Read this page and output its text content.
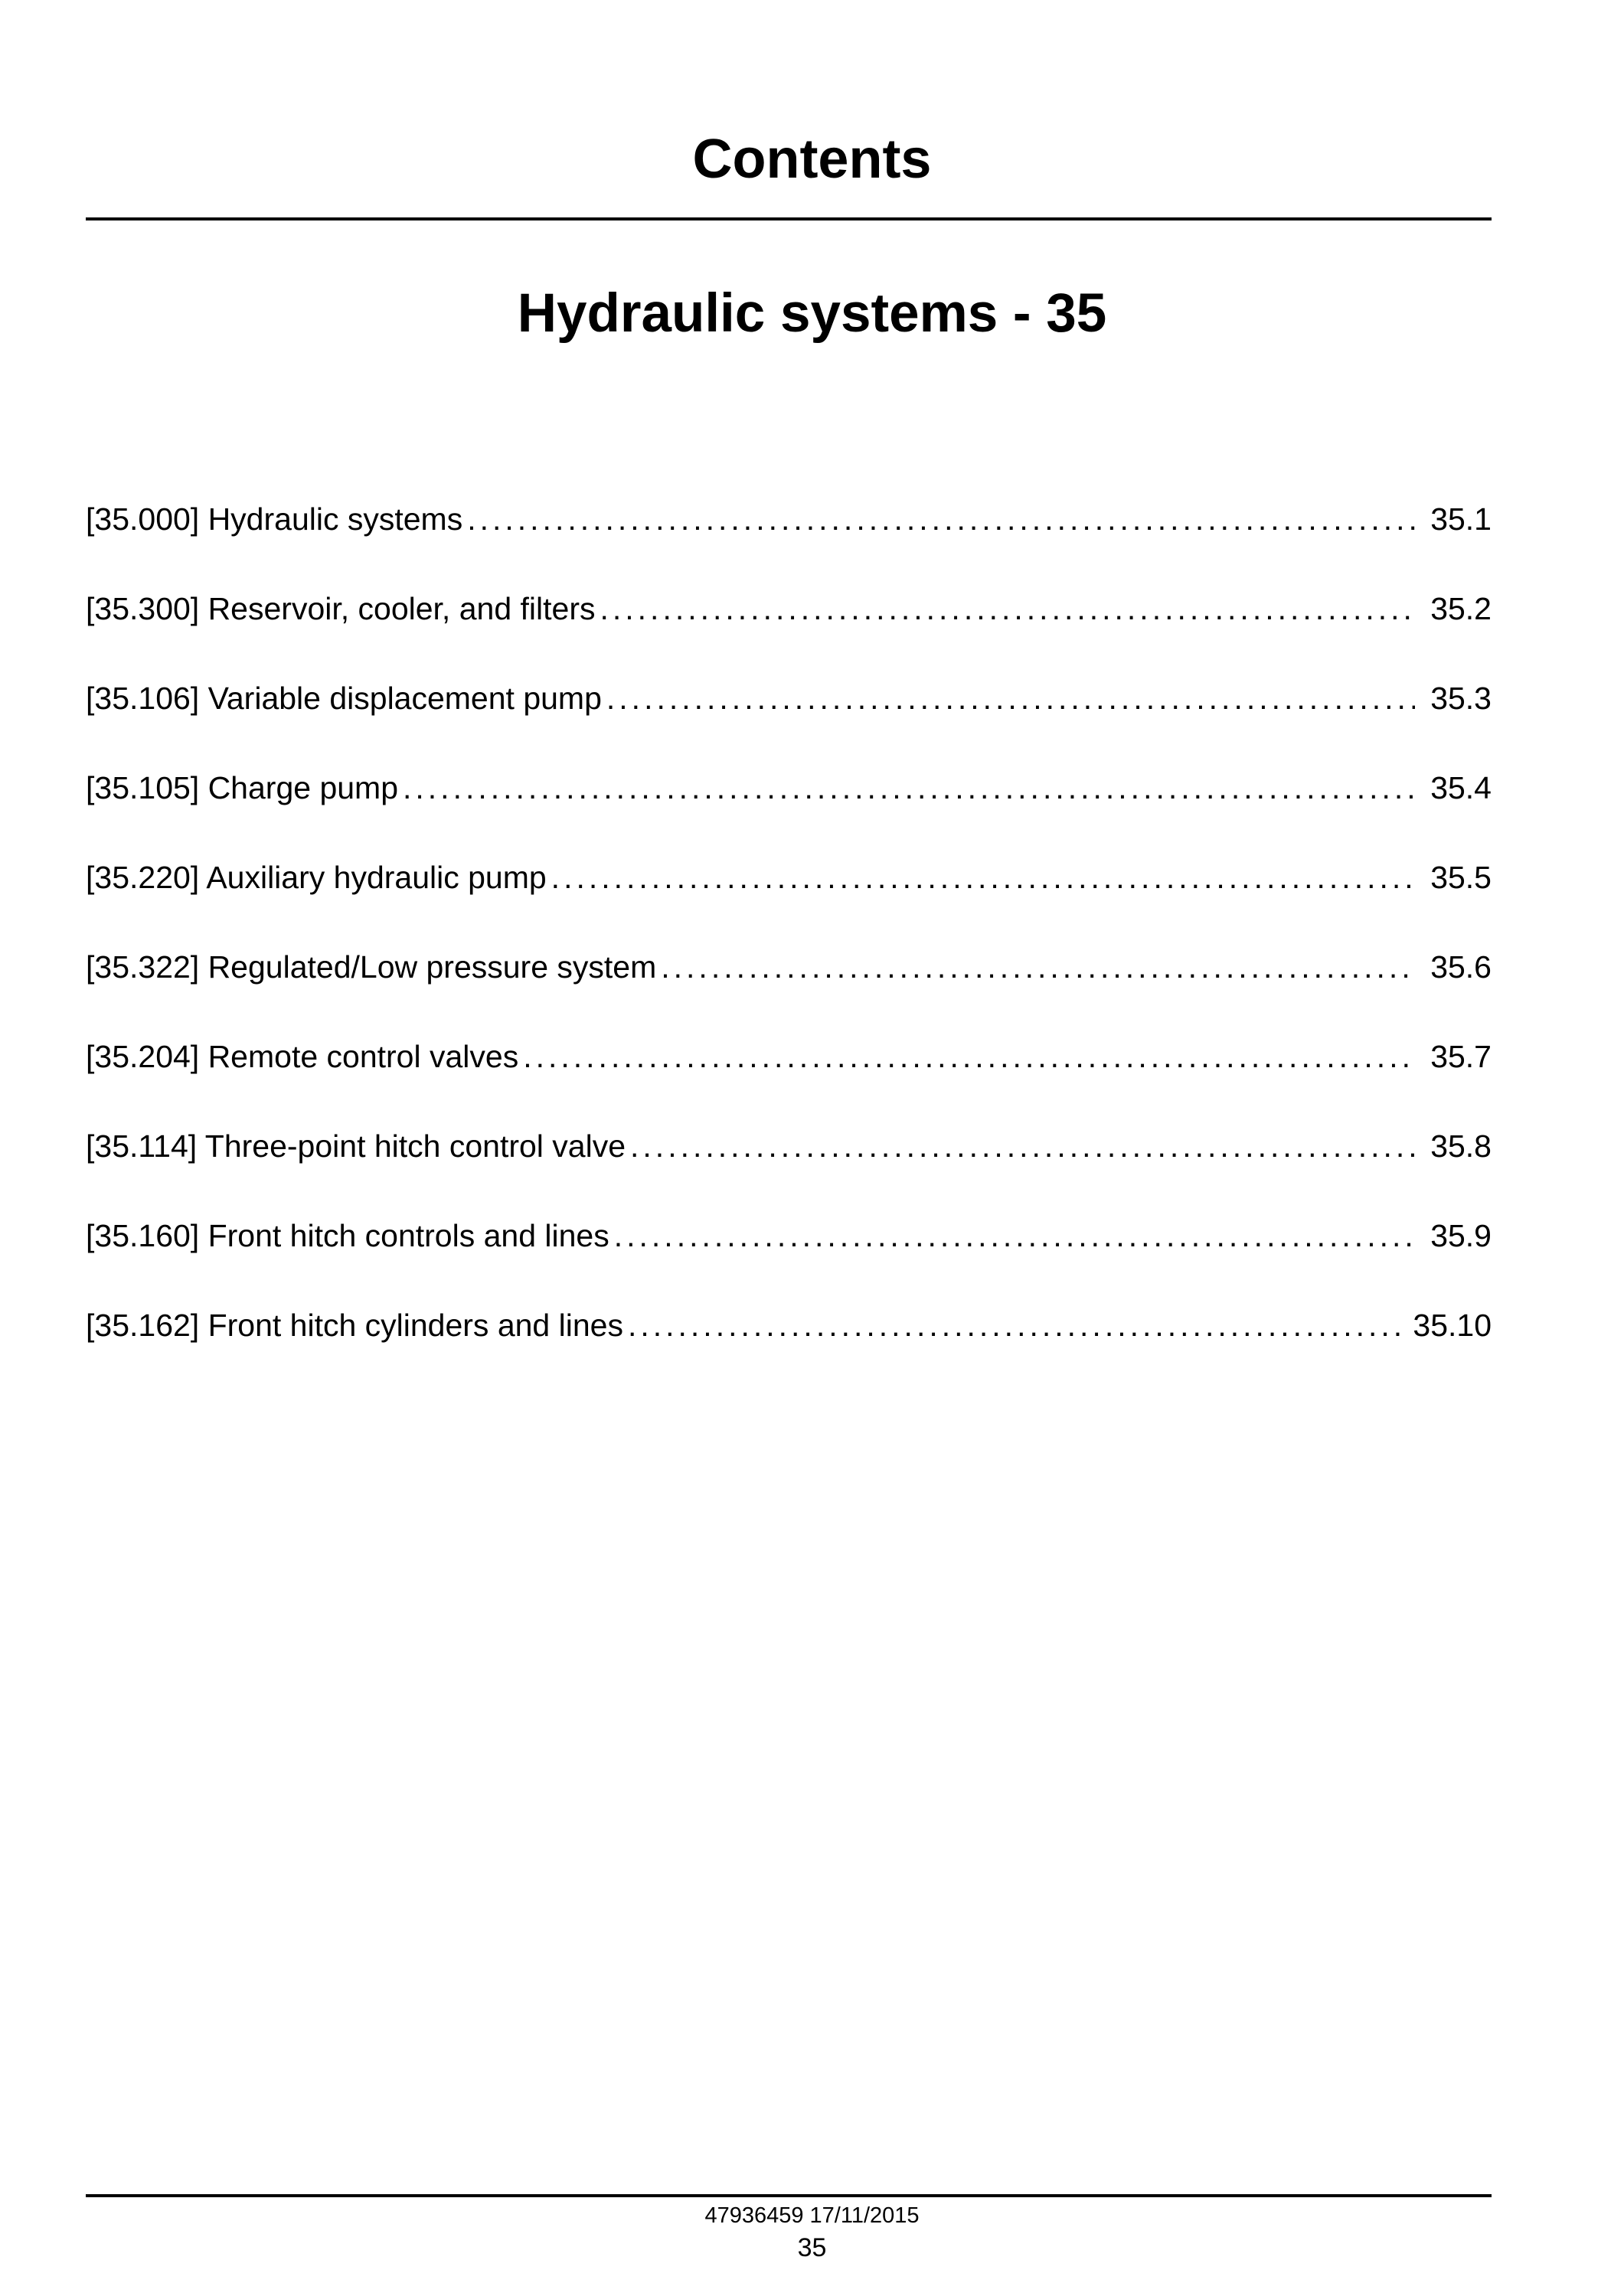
Contents
Hydraulic systems - 35
[35.000] Hydraulic systems .....	35.1
[35.300] Reservoir, cooler, and filters .....	35.2
[35.106] Variable displacement pump .....	35.3
[35.105] Charge pump .....	35.4
[35.220] Auxiliary hydraulic pump .....	35.5
[35.322] Regulated/Low pressure system .....	35.6
[35.204] Remote control valves .....	35.7
[35.114] Three-point hitch control valve .....	35.8
[35.160] Front hitch controls and lines .....	35.9
[35.162] Front hitch cylinders and lines .....	35.10
47936459 17/11/2015
35
